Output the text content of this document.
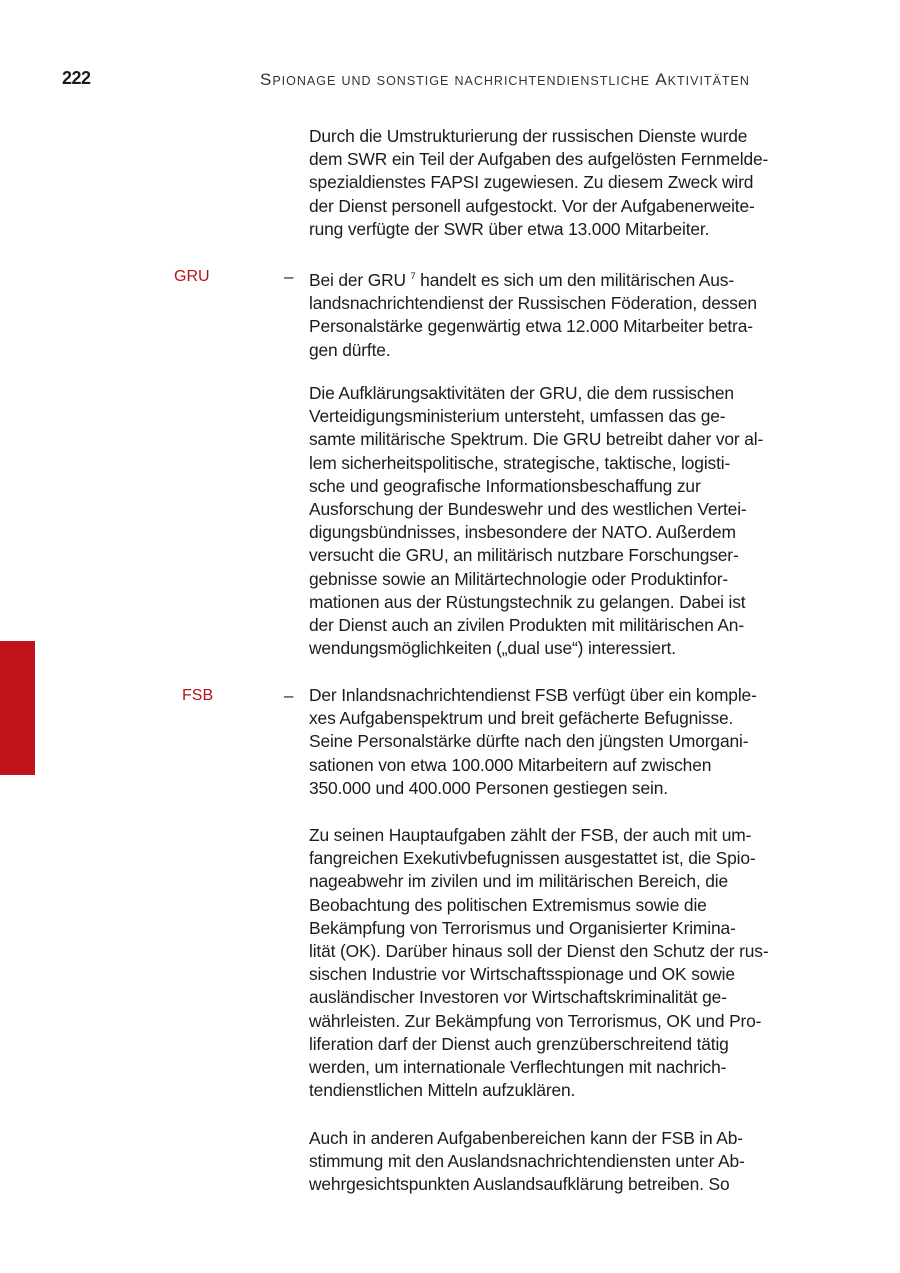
222	SPIONAGE UND SONSTIGE NACHRICHTENDIENSTLICHE AKTIVITÄTEN

Durch die Umstrukturierung der russischen Dienste wurde
dem SWR ein Teil der Aufgaben des aufgelösten Fernmelde-
spezialdienstes FAPSI zugewiesen. Zu diesem Zweck wird
der Dienst personell aufgestockt. Vor der Aufgabenerweite-
rung verfügte der SWR über etwa 13.000 Mitarbeiter.

GRU	– Bei der GRU $^7$ handelt es sich um den militärischen Aus-
landsnachrichtendienst der Russischen Föderation, dessen
Personalstärke gegenwärtig etwa 12.000 Mitarbeiter betra-
gen dürfte.

Die Aufklärungsaktivitäten der GRU, die dem russischen
Verteidigungsministerium untersteht, umfassen das ge-
samte militärische Spektrum. Die GRU betreibt daher vor al-
lem sicherheitspolitische, strategische, taktische, logisti-
sche und geografische Informationsbeschaffung zur
Ausforschung der Bundeswehr und des westlichen Vertei-
digungsbündnisses, insbesondere der NATO. Außerdem
versucht die GRU, an militärisch nutzbare Forschungser-
gebnisse sowie an Militärtechnologie oder Produktinfor-
mationen aus der Rüstungstechnik zu gelangen. Dabei ist
der Dienst auch an zivilen Produkten mit militärischen An-
wendungsmöglichkeiten („dual use“) interessiert.

FSB	– Der Inlandsnachrichtendienst FSB verfügt über ein komple-
xes Aufgabenspektrum und breit gefächerte Befugnisse.
Seine Personalstärke dürfte nach den jüngsten Umorgani-
sationen von etwa 100.000 Mitarbeitern auf zwischen
350.000 und 400.000 Personen gestiegen sein.

Zu seinen Hauptaufgaben zählt der FSB, der auch mit um-
fangreichen Exekutivbefugnissen ausgestattet ist, die Spio-
nageabwehr im zivilen und im militärischen Bereich, die
Beobachtung des politischen Extremismus sowie die
Bekämpfung von Terrorismus und Organisierter Krimina-
lität (OK). Darüber hinaus soll der Dienst den Schutz der rus-
sischen Industrie vor Wirtschaftsspionage und OK sowie
ausländischer Investoren vor Wirtschaftskriminalität ge-
währleisten. Zur Bekämpfung von Terrorismus, OK und Pro-
liferation darf der Dienst auch grenzüberschreitend tätig
werden, um internationale Verflechtungen mit nachrich-
tendienstlichen Mitteln aufzuklären.

Auch in anderen Aufgabenbereichen kann der FSB in Ab-
stimmung mit den Auslandsnachrichtendiensten unter Ab-
wehrgesichtspunkten Auslandsaufklärung betreiben. So
